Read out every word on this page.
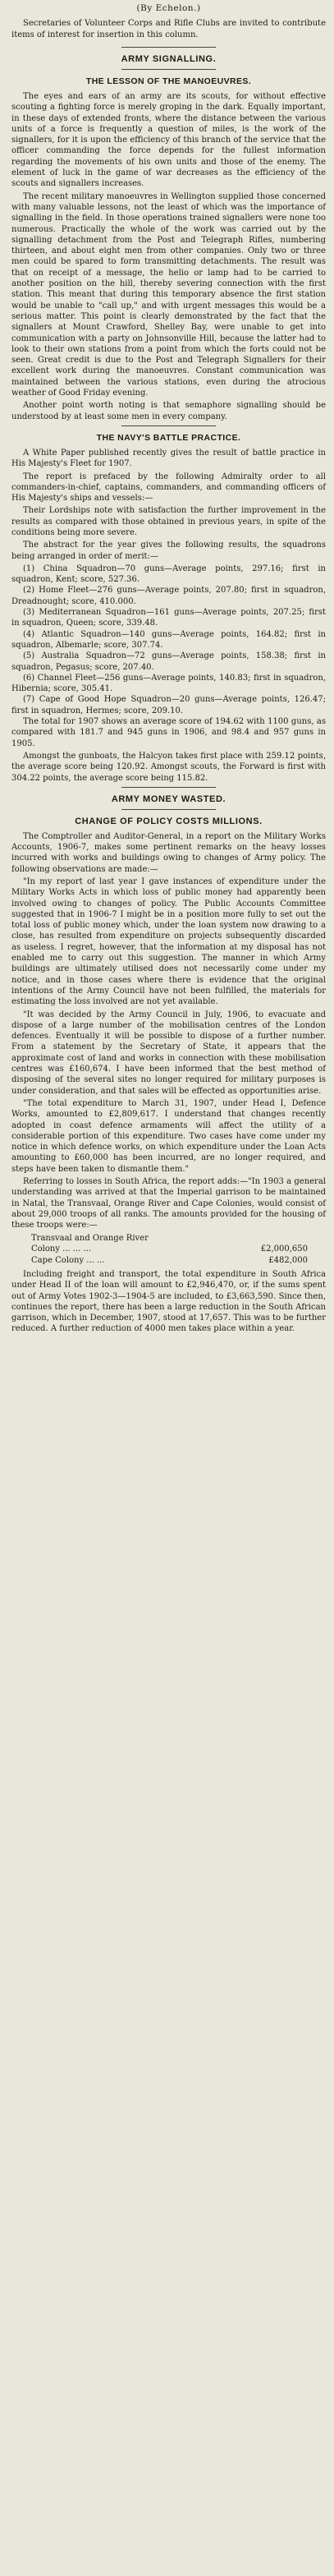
(By Echelon.)
Secretaries of Volunteer Corps and Rifle Clubs are invited to contribute items of interest for insertion in this column.
ARMY SIGNALLING.
THE LESSON OF THE MANOEUVRES.

The eyes and ears of an army are its scouts, for without effective scouting a fighting force is merely groping in the dark. Equally important, in these days of extended fronts, where the distance between the various units of a force is frequently a question of miles, is the work of the signallers, for it is upon the efficiency of this branch of the service that the officer commanding the force depends for the fullest information regarding the movements of his own units and those of the enemy. The element of luck in the game of war decreases as the efficiency of the scouts and signallers increases.

The recent military manoeuvres in Wellington supplied those concerned with many valuable lessons, not the least of which was the importance of signalling in the field. In those operations trained signallers were none too numerous. Practically the whole of the work was carried out by the signalling detachment from the Post and Telegraph Rifles, numbering thirteen, and about eight men from other companies. Only two or three men could be spared to form transmitting detachments. The result was that on receipt of a message, the helio or lamp had to be carried to another position on the hill, thereby severing connection with the first station. This meant that during this temporary absence the first station would be unable to "call up," and with urgent messages this would be a serious matter. This point is clearly demonstrated by the fact that the signallers at Mount Crawford, Shelley Bay, were unable to get into communication with a party on Johnsonville Hill, because the latter had to look to their own stations from a point from which the forts could not be seen. Great credit is due to the Post and Telegraph Signallers for their excellent work during the manoeuvres. Constant communication was maintained between the various stations, even during the atrocious weather of Good Friday evening.

Another point worth noting is that semaphore signalling should be understood by at least some men in every company.

THE NAVY'S BATTLE PRACTICE.

A White Paper published recently gives the result of battle practice in His Majesty's Fleet for 1907.

The report is prefaced by the following Admiralty order to all commanders-in-chief, captains, commanders, and commanding officers of His Majesty's ships and vessels:—

Their Lordships note with satisfaction the further improvement in the results as compared with those obtained in previous years, in spite of the conditions being more severe.

The abstract for the year gives the following results, the squadrons being arranged in order of merit:—

(1) China Squadron—70 guns—Average points, 297.16; first in squadron, Kent; score, 527.36.

(2) Home Fleet—276 guns—Average points, 207.80; first in squadron, Dreadnought; score, 410.000.

(3) Mediterranean Squadron—161 guns—Average points, 207.25; first in squadron, Queen; score, 339.48.

(4) Atlantic Squadron—140 guns—Average points, 164.82; first in squadron, Albemarle; score, 307.74.

(5) Australia Squadron—72 guns—Average points, 158.38; first in squadron, Pegasus; score, 207.40.

(6) Channel Fleet—256 guns—Average points, 140.83; first in squadron, Hibernia; score, 305.41.

(7) Cape of Good Hope Squadron—20 guns—Average points, 126.47; first in squadron, Hermes; score, 209.10.

The total for 1907 shows an average score of 194.62 with 1100 guns, as compared with 181.7 and 945 guns in 1906, and 98.4 and 957 guns in 1905.

Amongst the gunboats, the Halcyon takes first place with 259.12 points, the average score being 120.92. Amongst scouts, the Forward is first with 304.22 points, the average score being 115.82.

ARMY MONEY WASTED.
CHANGE OF POLICY COSTS MILLIONS.

The Comptroller and Auditor-General, in a report on the Military Works Accounts, 1906-7, makes some pertinent remarks on the heavy losses incurred with works and buildings owing to changes of Army policy. The following observations are made:—

"In my report of last year I gave instances of expenditure under the Military Works Acts in which loss of public money had apparently been involved owing to changes of policy. The Public Accounts Committee suggested that in 1906-7 I might be in a position more fully to set out the total loss of public money which, under the loan system now drawing to a close, has resulted from expenditure on projects subsequently discarded as useless. I regret, however, that the information at my disposal has not enabled me to carry out this suggestion. The manner in which Army buildings are ultimately utilised does not necessarily come under my notice, and in those cases where there is evidence that the original intentions of the Army Council have not been fulfilled, the materials for estimating the loss involved are not yet available.

"It was decided by the Army Council in July, 1906, to evacuate and dispose of a large number of the mobilisation centres of the London defences. Eventually it will be possible to dispose of a further number. From a statement by the Secretary of State, it appears that the approximate cost of land and works in connection with these mobilisation centres was £160,674. I have been informed that the best method of disposing of the several sites no longer required for military purposes is under consideration, and that sales will be effected as opportunities arise.

"The total expenditure to March 31, 1907, under Head I, Defence Works, amounted to £2,809,617. I understand that changes recently adopted in coast defence armaments will affect the utility of a considerable portion of this expenditure. Two cases have come under my notice in which defence works, on which expenditure under the Loan Acts amounting to £60,000 has been incurred, are no longer required, and steps have been taken to dismantle them."

Referring to losses in South Africa, the report adds:—"In 1903 a general understanding was arrived at that the Imperial garrison to be maintained in Natal, the Transvaal, Orange River and Cape Colonies, would consist of about 29,000 troops of all ranks. The amounts provided for the housing of these troops were:—

Transvaal and Orange River
Colony ... ... ...	£2,000,650
Cape Colony ... ...	£482,000

Including freight and transport, the total expenditure in South Africa under Head II of the loan will amount to £2,946,470, or, if the sums spent out of Army Votes 1902-3—1904-5 are included, to £3,663,590. Since then, continues the report, there has been a large reduction in the South African garrison, which in December, 1907, stood at 17,657. This was to be further reduced. A further reduction of 4000 men takes place within a year.
